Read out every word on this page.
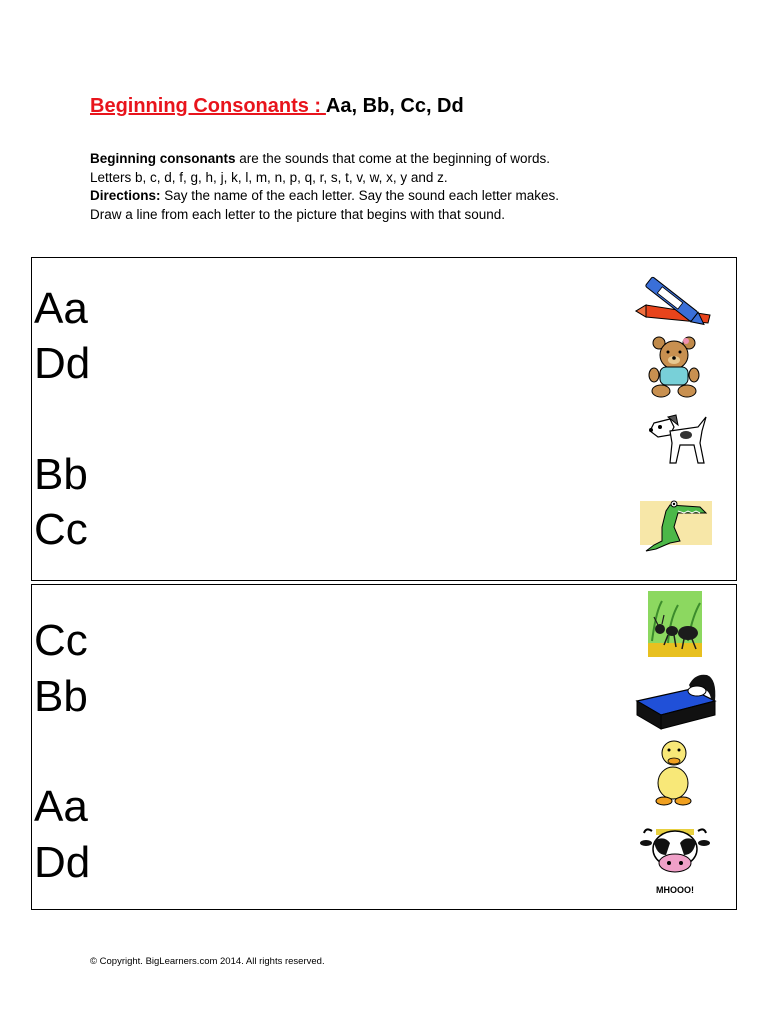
Beginning Consonants : Aa, Bb, Cc, Dd

Beginning consonants are the sounds that come at the beginning of words.

Letters b, c, d, f, g, h, j, k, l, m, n, p, q, r, s, t, v, w, x, y and z.

Directions: Say the name of the each letter. Say the sound each letter makes.

Draw a line from each letter to the picture that begins with that sound.

Aa
Dd
Bb
Cc
Cc
Bb
Aa
Dd
MHOOO!
© Copyright. BigLearners.com 2014. All rights reserved.
